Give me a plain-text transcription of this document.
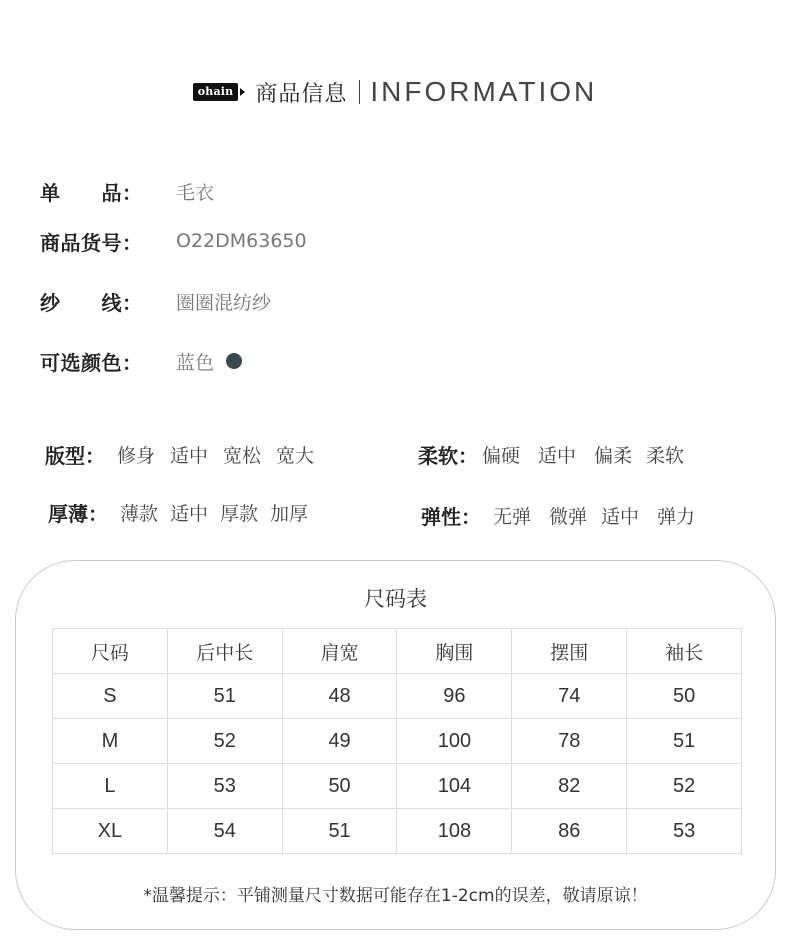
ohain 商品信息 INFORMATION
单　　品：	毛衣
商品货号：	O22DM63650
纱　　线：	圈圈混纺纱
可选颜色：	蓝色
版型： 修身 适中 宽松 宽大	柔软： 偏硬 适中 偏柔 柔软
厚薄： 薄款 适中 厚款 加厚	弹性： 无弹 微弹 适中 弹力
尺码表
尺码	后中长	肩宽	胸围	摆围	袖长
S	51	48	96	74	50
M	52	49	100	78	51
L	53	50	104	82	52
XL	54	51	108	86	53
*温馨提示：平铺测量尺寸数据可能存在1-2cm的误差，敬请原谅！
